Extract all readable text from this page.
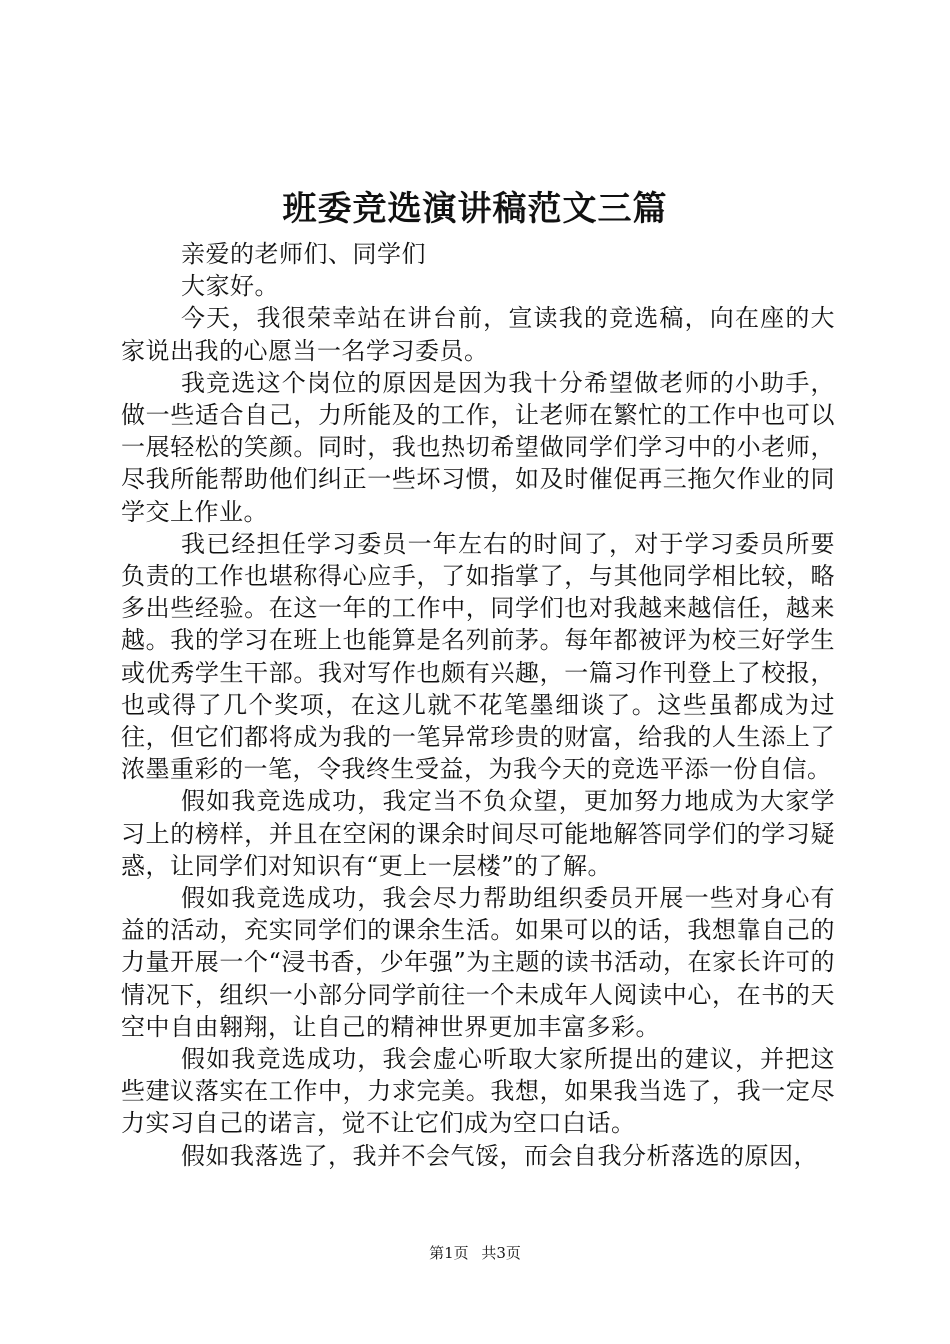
班委竞选演讲稿范文三篇

亲爱的老师们、同学们

大家好。

今天，我很荣幸站在讲台前，宣读我的竞选稿，向在座的大家说出我的心愿当一名学习委员。

我竞选这个岗位的原因是因为我十分希望做老师的小助手，做一些适合自己，力所能及的工作，让老师在繁忙的工作中也可以一展轻松的笑颜。同时，我也热切希望做同学们学习中的小老师，尽我所能帮助他们纠正一些坏习惯，如及时催促再三拖欠作业的同学交上作业。

我已经担任学习委员一年左右的时间了，对于学习委员所要负责的工作也堪称得心应手，了如指掌了，与其他同学相比较，略多出些经验。在这一年的工作中，同学们也对我越来越信任，越来越。我的学习在班上也能算是名列前茅。每年都被评为校三好学生或优秀学生干部。我对写作也颇有兴趣，一篇习作刊登上了校报，也或得了几个奖项，在这儿就不花笔墨细谈了。这些虽都成为过往，但它们都将成为我的一笔异常珍贵的财富，给我的人生添上了浓墨重彩的一笔，令我终生受益，为我今天的竞选平添一份自信。

假如我竞选成功，我定当不负众望，更加努力地成为大家学习上的榜样，并且在空闲的课余时间尽可能地解答同学们的学习疑惑，让同学们对知识有“更上一层楼”的了解。

假如我竞选成功，我会尽力帮助组织委员开展一些对身心有益的活动，充实同学们的课余生活。如果可以的话，我想靠自己的力量开展一个“浸书香，少年强”为主题的读书活动，在家长许可的情况下，组织一小部分同学前往一个未成年人阅读中心，在书的天空中自由翱翔，让自己的精神世界更加丰富多彩。

假如我竞选成功，我会虚心听取大家所提出的建议，并把这些建议落实在工作中，力求完美。我想，如果我当选了，我一定尽力实习自己的诺言，觉不让它们成为空口白话。

假如我落选了，我并不会气馁，而会自我分析落选的原因，

第1页 共3页
